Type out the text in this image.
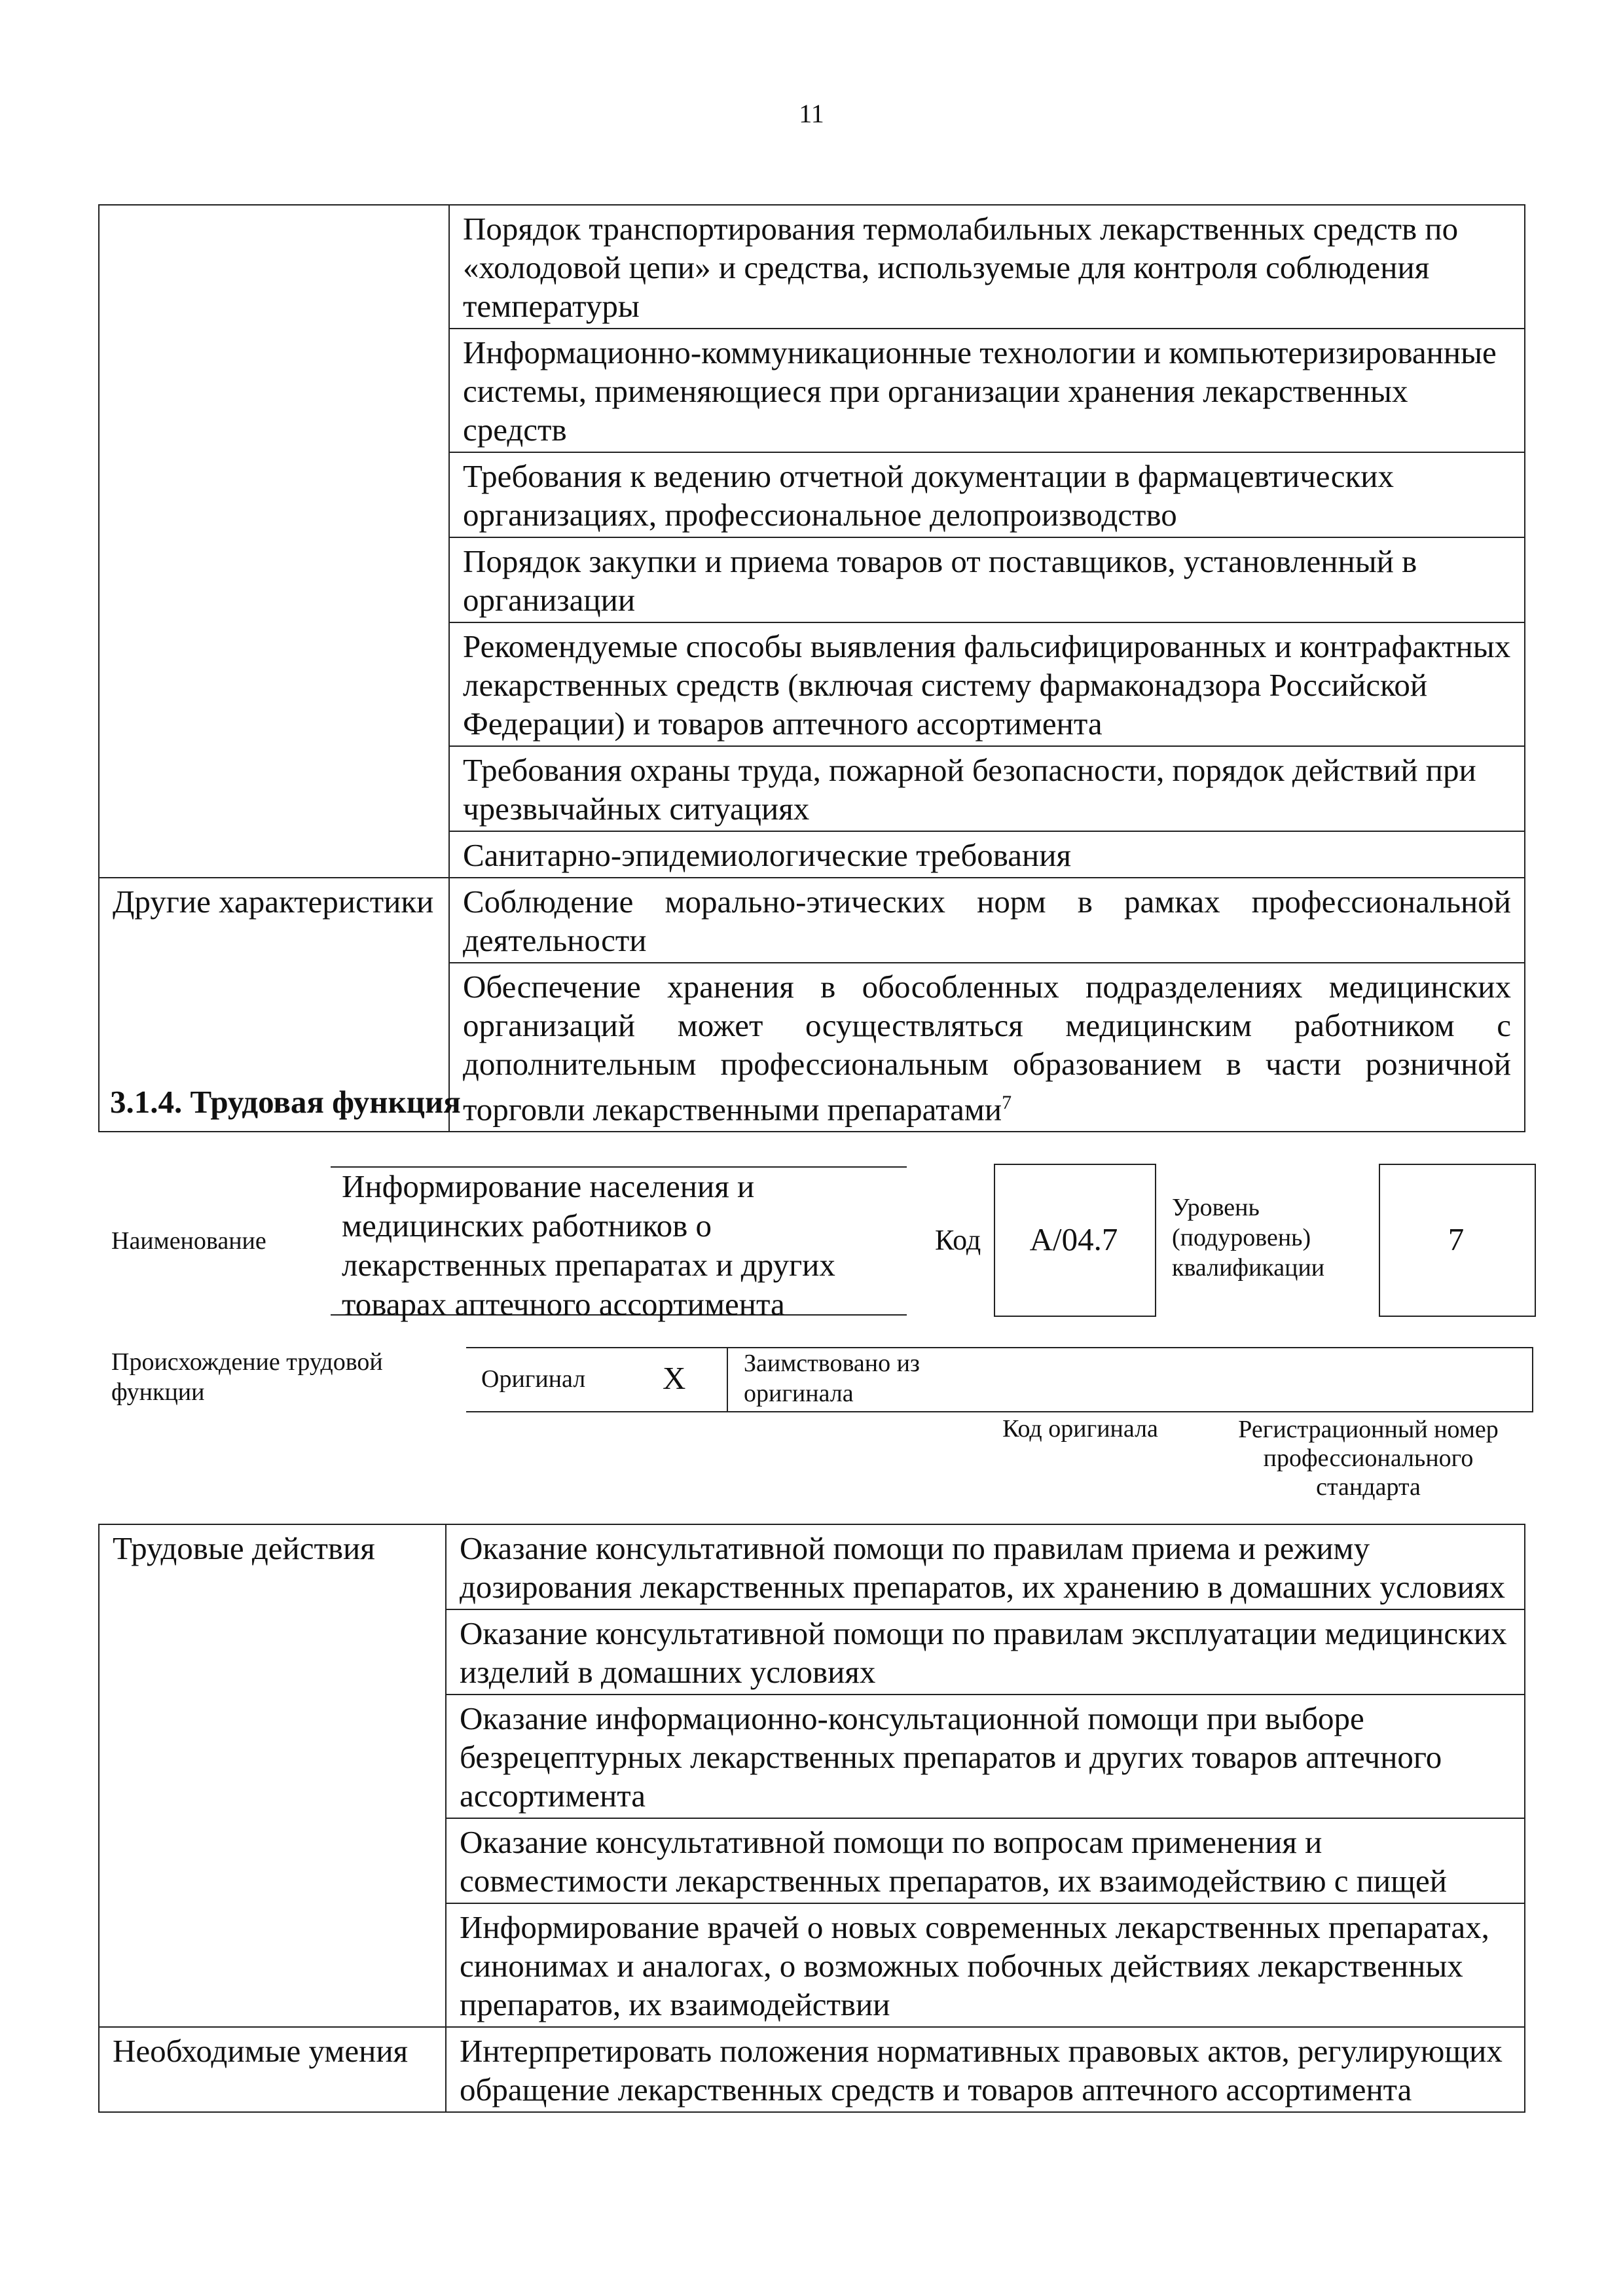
11
	Порядок транспортирования термолабильных лекарственных средств по «холодовой цепи» и средства, используемые для контроля соблюдения температуры
	Информационно-коммуникационные технологии и компьютеризированные системы, применяющиеся при организации хранения лекарственных средств
	Требования к ведению отчетной документации в фармацевтических организациях, профессиональное делопроизводство
	Порядок закупки и приема товаров от поставщиков, установленный в организации
	Рекомендуемые способы выявления фальсифицированных и контрафактных лекарственных средств (включая систему фармаконадзора Российской Федерации) и товаров аптечного ассортимента
	Требования охраны труда, пожарной безопасности, порядок действий при чрезвычайных ситуациях
	Санитарно-эпидемиологические требования
Другие характеристики	Соблюдение морально-этических норм в рамках профессиональной деятельности
	Обеспечение хранения в обособленных подразделениях медицинских организаций может осуществляться медицинским работником с дополнительным профессиональным образованием в части розничной торговли лекарственными препаратами$^7$
3.1.4. Трудовая функция
Наименование
Информирование населения и медицинских работников о лекарственных препаратах и других товарах аптечного ассортимента
Код	А/04.7
Уровень (подуровень) квалификации
7
Происхождение трудовой функции	Оригинал X Заимствовано из оригинала
Код оригинала	Регистрационный номер профессионального стандарта
Трудовые действия	Оказание консультативной помощи по правилам приема и режиму дозирования лекарственных препаратов, их хранению в домашних условиях
	Оказание консультативной помощи по правилам эксплуатации медицинских изделий в домашних условиях
	Оказание информационно-консультационной помощи при выборе безрецептурных лекарственных препаратов и других товаров аптечного ассортимента
	Оказание консультативной помощи по вопросам применения и совместимости лекарственных препаратов, их взаимодействию с пищей
	Информирование врачей о новых современных лекарственных препаратах, синонимах и аналогах, о возможных побочных действиях лекарственных препаратов, их взаимодействии
Необходимые умения	Интерпретировать положения нормативных правовых актов, регулирующих обращение лекарственных средств и товаров аптечного ассортимента
